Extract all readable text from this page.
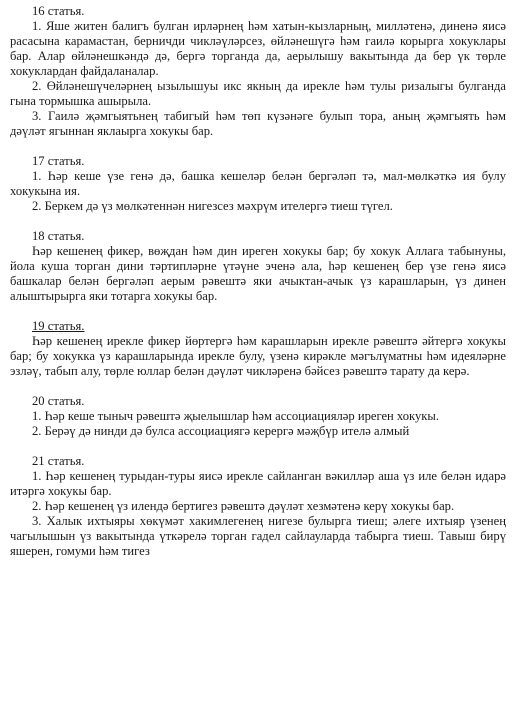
16 статья.

1. Яше житен балигъ булган ирләрнең һәм хатын-кызларның, милләтенә, диненә яисә расасына карамастан, берничди чикләүләрсез, өйләнешүгә һәм гаилә корырга хокуклары бар. Алар өйләнешкәндә дә, бергә торганда да, аерылышу вакытында да бер үк төрле хокуклардан файдаланалар.

2. Өйләнешүчеләрнең ызылышуы икс якның да ирекле һәм тулы ризалыгы булганда гына тормышка ашырыла.

3. Гаилә җәмгыятьнең табигый һәм төп күзәнәге булып тора, аның җәмгыять һәм дәүләт ягыннан яклаырга хокукы бар.

17 статья.

1. Һәр кеше үзе генә дә, башка кешеләр белән бергәләп тә, мал-мөлкәткә ия булу хокукына ия.

2. Беркем дә үз мөлкәтеннән нигезсез мәхрүм ителергә тиеш түгел.

18 статья.

Һәр кешенең фикер, вөҗдан һәм дин иреген хокукы бар; бу хокук Аллага табынуны, йола куша торган дини тәртипләрне үтәүне эченә ала, һәр кешенең бер үзе генә яисә башкалар белән бергәләп аерым рәвештә яки ачыктан-ачык үз карашларын, үз динен алыштырырга яки тотарга хокукы бар.

19 статья.

Һәр кешенең ирекле фикер йөртергә һәм карашларын ирекле рәвештә әйтергә хокукы бар; бу хокукка үз карашларында ирекле булу, үзенә кирәкле мәгълүматны һәм идеяләрне эзләү, табып алу, төрле юллар белән дәүләт чикләренә бәйсез рәвештә тарату да керә.

20 статья.

1. Һәр кеше тыныч рәвештә җыелышлар һәм ассоциацияләр иреген хокукы.

2. Берәү дә нинди дә булса ассоциациягә керергә мәҗбүр ителә алмый

21 статья.

1. Һәр кешенең турыдан-туры яисә ирекле сайланган вәкилләр аша үз иле белән идарә итәргә хокукы бар.

2. Һәр кешенең үз илендә бертигез рәвештә дәүләт хезмәтенә керү хокукы бар.

3. Халык ихтыяры хөкүмәт хакимлегенең нигезе булырга тиеш; әлеге ихтыяр үзенең чагылышын үз вакытында үткәрелә торган гадел сайлауларда табырга тиеш. Тавыш бирү яшерен, гомуми һәм тигез
